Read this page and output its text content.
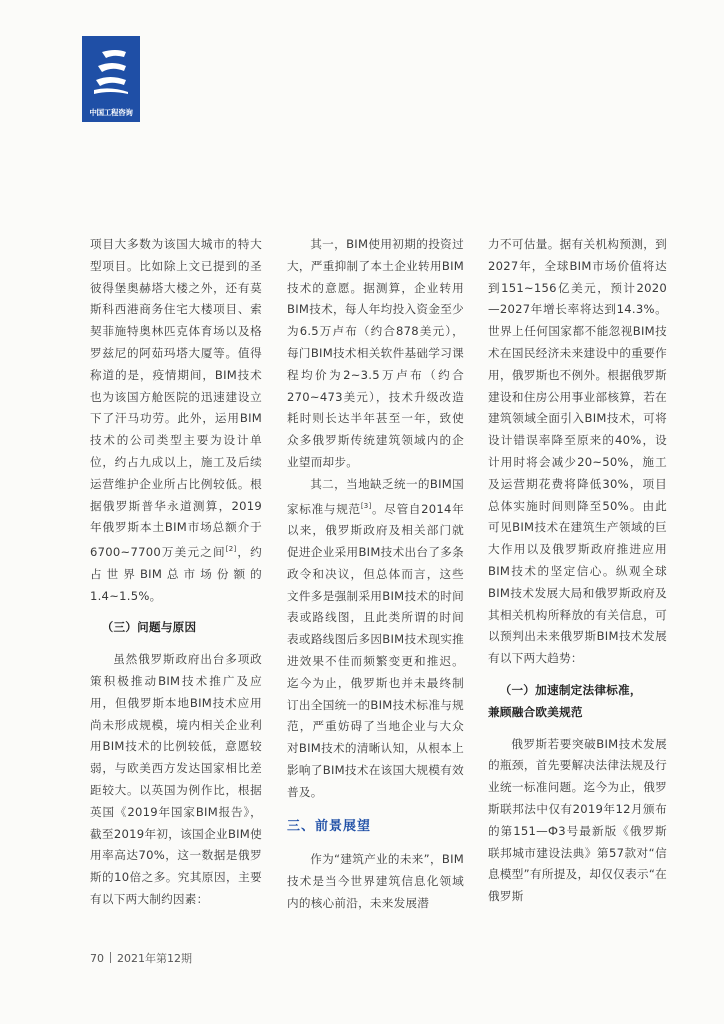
中国工程咨询

项目大多数为该国大城市的特大型项目。比如除上文已提到的圣彼得堡奥赫塔大楼之外，还有莫斯科西港商务住宅大楼项目、索契菲施特奥林匹克体育场以及格罗兹尼的阿茹玛塔大厦等。值得称道的是，疫情期间，BIM技术也为该国方舱医院的迅速建设立下了汗马功劳。此外，运用BIM技术的公司类型主要为设计单位，约占九成以上，施工及后续运营维护企业所占比例较低。根据俄罗斯普华永道测算，2019年俄罗斯本土BIM市场总额介于6700~7700万美元之间[2]，约占世界BIM总市场份额的1.4~1.5%。

（三）问题与原因

虽然俄罗斯政府出台多项政策积极推动BIM技术推广及应用，但俄罗斯本地BIM技术应用尚未形成规模，境内相关企业利用BIM技术的比例较低，意愿较弱，与欧美西方发达国家相比差距较大。以英国为例作比，根据英国《2019年国家BIM报告》，截至2019年初，该国企业BIM使用率高达70%，这一数据是俄罗斯的10倍之多。究其原因，主要有以下两大制约因素：

其一，BIM使用初期的投资过大，严重抑制了本土企业转用BIM技术的意愿。据测算，企业转用BIM技术，每人年均投入资金至少为6.5万卢布（约合878美元），每门BIM技术相关软件基础学习课程均价为2~3.5万卢布（约合270~473美元），技术升级改造耗时则长达半年甚至一年，致使众多俄罗斯传统建筑领域内的企业望而却步。

其二，当地缺乏统一的BIM国家标准与规范[3]。尽管自2014年以来，俄罗斯政府及相关部门就促进企业采用BIM技术出台了多条政令和决议，但总体而言，这些文件多是强制采用BIM技术的时间表或路线图，且此类所谓的时间表或路线图后多因BIM技术现实推进效果不佳而频繁变更和推迟。迄今为止，俄罗斯也并未最终制订出全国统一的BIM技术标准与规范，严重妨碍了当地企业与大众对BIM技术的清晰认知，从根本上影响了BIM技术在该国大规模有效普及。

三、前景展望

作为“建筑产业的未来”，BIM技术是当今世界建筑信息化领域内的核心前沿，未来发展潜

力不可估量。据有关机构预测，到2027年，全球BIM市场价值将达到151~156亿美元，预计2020—2027年增长率将达到14.3%。世界上任何国家都不能忽视BIM技术在国民经济未来建设中的重要作用，俄罗斯也不例外。根据俄罗斯建设和住房公用事业部核算，若在建筑领域全面引入BIM技术，可将设计错误率降至原来的40%，设计用时将会减少20~50%，施工及运营期花费将降低30%，项目总体实施时间则降至50%。由此可见BIM技术在建筑生产领域的巨大作用以及俄罗斯政府推进应用BIM技术的坚定信心。纵观全球BIM技术发展大局和俄罗斯政府及其相关机构所释放的有关信息，可以预判出未来俄罗斯BIM技术发展有以下两大趋势：

（一）加速制定法律标准，
兼顾融合欧美规范

俄罗斯若要突破BIM技术发展的瓶颈，首先要解决法律法规及行业统一标准问题。迄今为止，俄罗斯联邦法中仅有2019年12月颁布的第151—Ф3号最新版《俄罗斯联邦城市建设法典》第57款对“信息模型”有所提及，却仅仅表示“在俄罗斯

70 2021年第12期
